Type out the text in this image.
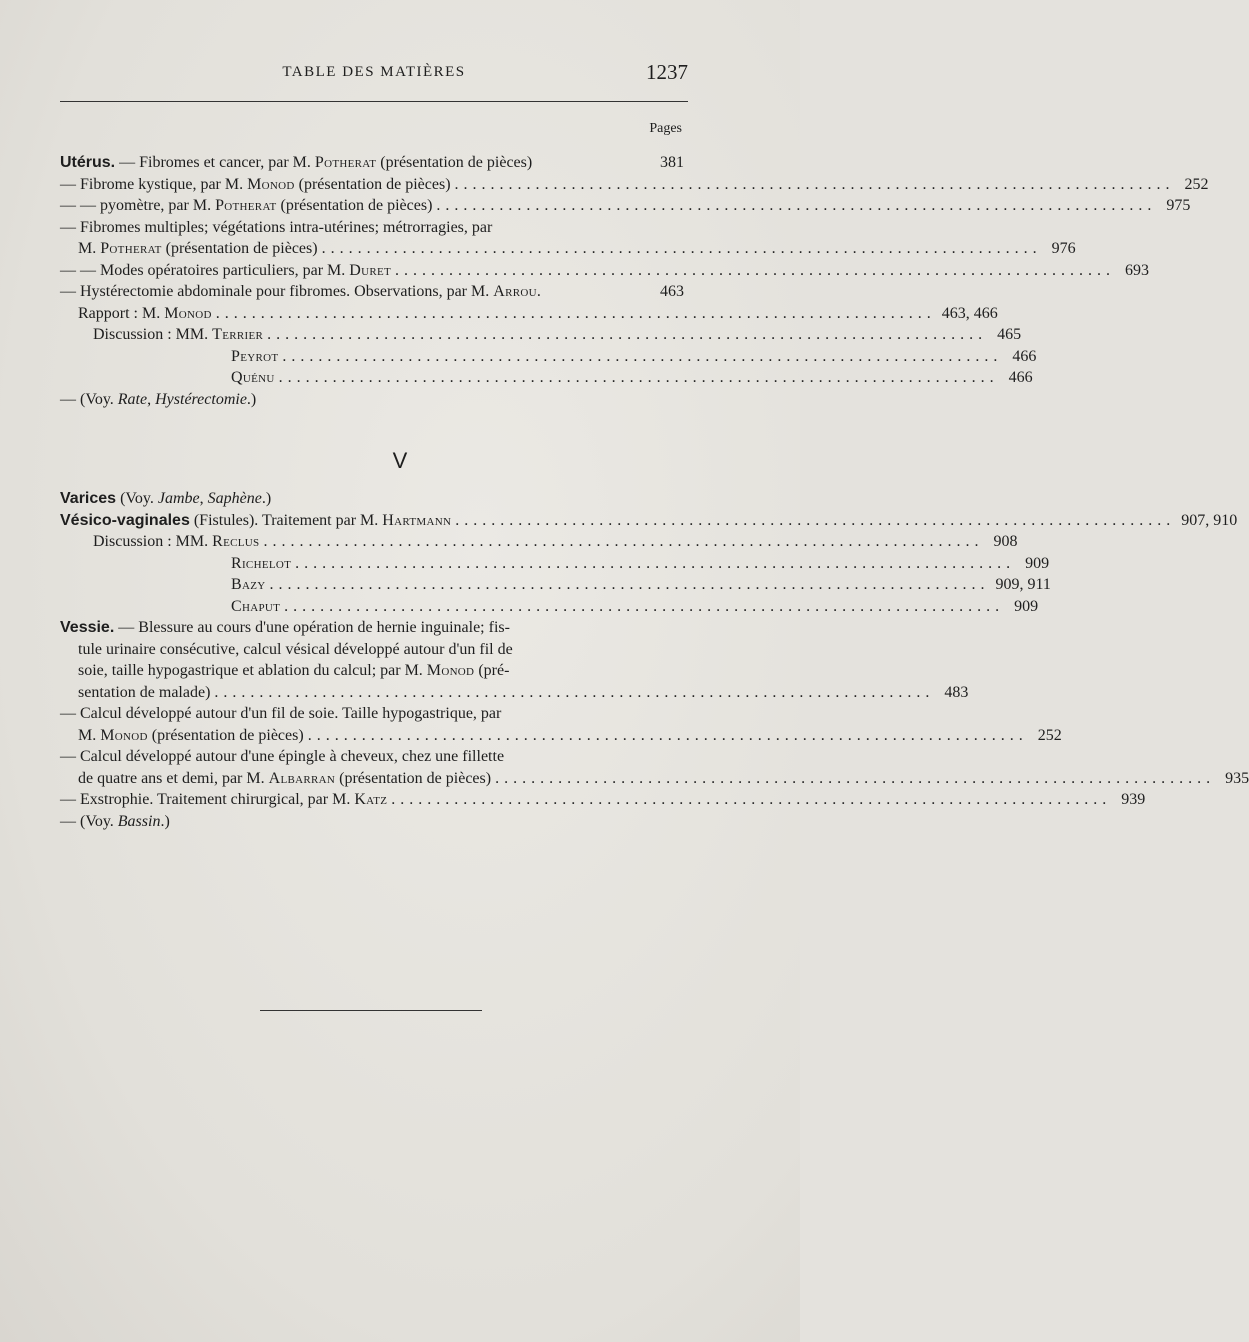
TABLE DES MATIÈRES	1237
Pages
Utérus. — Fibromes et cancer, par M. Potherat (présentation de pièces)	381
— Fibrome kystique, par M. Monod (présentation de pièces) ................................................................................ 252
— — pyomètre, par M. Potherat (présentation de pièces) ................................................................................ 975
— Fibromes multiples; végétations intra-utérines; métrorragies, par
M. Potherat (présentation de pièces) ................................................................................ 976
— — Modes opératoires particuliers, par M. Duret ................................................................................ 693
— Hystérectomie abdominale pour fibromes. Observations, par M. Arrou.	463
Rapport : M. Monod ................................................................................ 463, 466
Discussion : MM. Terrier ................................................................................ 465
Peyrot ................................................................................ 466
Quénu ................................................................................ 466
— (Voy. Rate, Hystérectomie.)
V
Varices (Voy. Jambe, Saphène.)
Vésico-vaginales (Fistules). Traitement par M. Hartmann ................................................................................ 907, 910
Discussion : MM. Reclus ................................................................................ 908
Richelot ................................................................................ 909
Bazy ................................................................................ 909, 911
Chaput ................................................................................ 909
Vessie. — Blessure au cours d'une opération de hernie inguinale; fis-
tule urinaire consécutive, calcul vésical développé autour d'un fil de
soie, taille hypogastrique et ablation du calcul; par M. Monod (pré-
sentation de malade) ................................................................................ 483
— Calcul développé autour d'un fil de soie. Taille hypogastrique, par
M. Monod (présentation de pièces) ................................................................................ 252
— Calcul développé autour d'une épingle à cheveux, chez une fillette
de quatre ans et demi, par M. Albarran (présentation de pièces) ................................................................................ 935
— Exstrophie. Traitement chirurgical, par M. Katz ................................................................................ 939
— (Voy. Bassin.)
